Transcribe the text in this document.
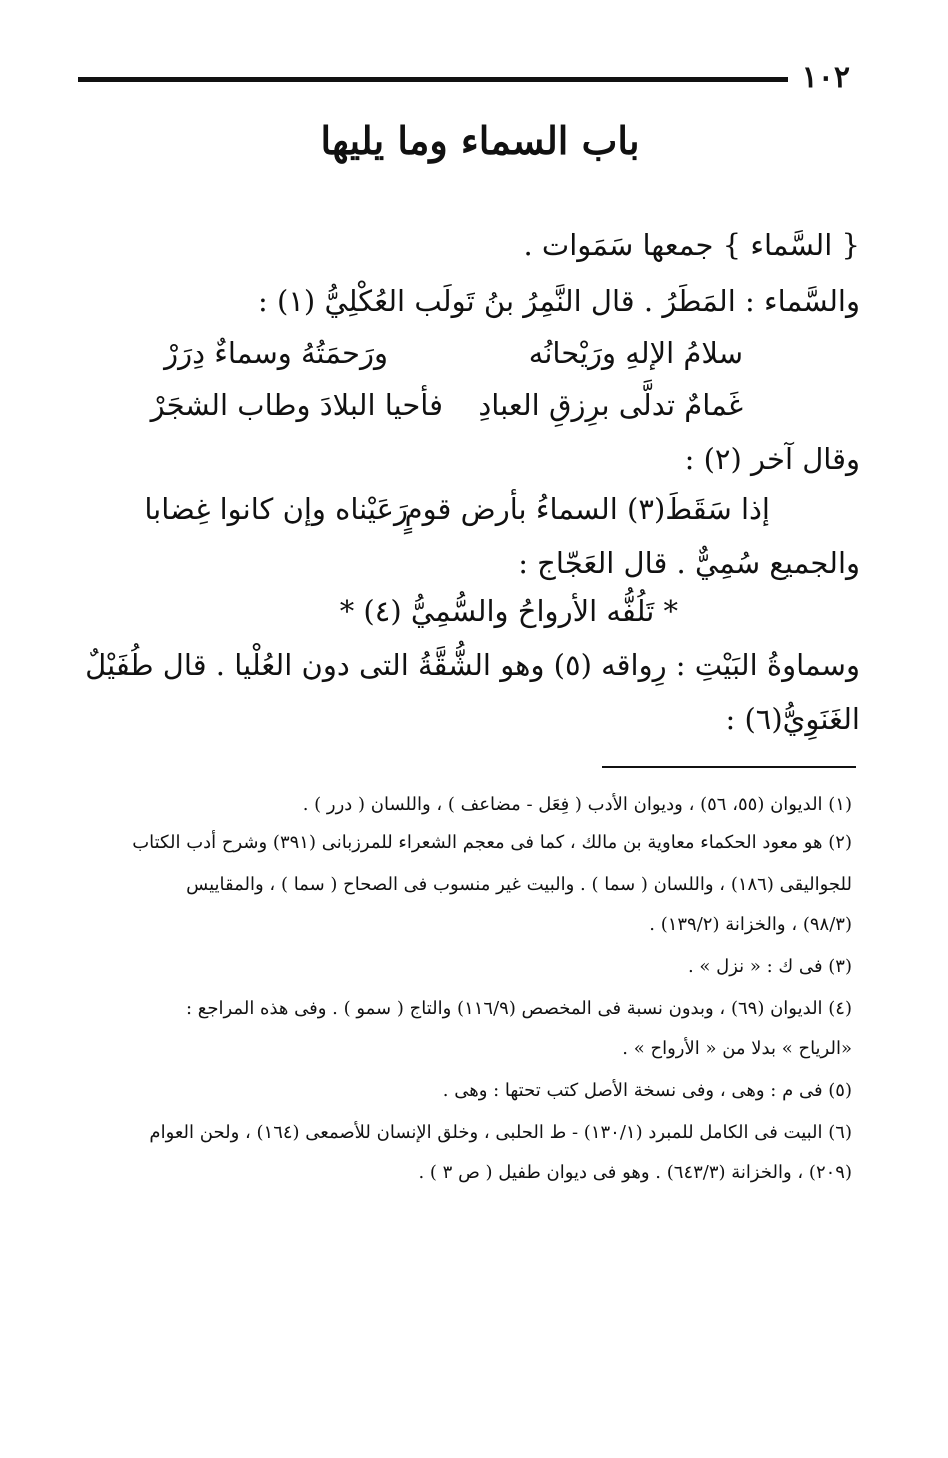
١٠٢
باب السماء وما يليها
{ السَّماء } جمعها سَمَوات .
والسَّماء : المَطَرُ . قال النَّمِرُ بنُ تَولَب العُكْلِيُّ (١) :
سلامُ الإلهِ ورَيْحانُه
ورَحمَتُهُ وسماءٌ دِرَرْ
غَمامٌ تدلَّى برِزقِ العبادِ
فأحيا البلادَ وطاب الشجَرْ
وقال آخر (٢) :
إذا سَقَطَ(٣) السماءُ بأرض قومٍ
رَعَيْناه وإن كانوا غِضابا
والجميع سُمِيٌّ . قال العَجّاج :
* تَلُفُّه الأرواحُ والسُّمِيُّ (٤) *
وسماوةُ البَيْتِ : رِواقه (٥) وهو الشُّقَّةُ التى دون العُلْيا . قال طُفَيْلٌ
الغَنَوِيُّ(٦) :
(١) الديوان (٥٥، ٥٦) ، وديوان الأدب ( فِعَل - مضاعف ) ، واللسان ( درر ) .
(٢) هو معود الحكماء معاوية بن مالك ، كما فى معجم الشعراء للمرزبانى (٣٩١) وشرح أدب الكتاب
للجواليقى (١٨٦) ، واللسان ( سما ) . والبيت غير منسوب فى الصحاح ( سما ) ، والمقاييس
(٩٨/٣) ، والخزانة (١٣٩/٢) .
(٣) فى ك : « نزل » .
(٤) الديوان (٦٩) ، وبدون نسبة فى المخصص (١١٦/٩) والتاج ( سمو ) . وفى هذه المراجع :
«الرياح » بدلا من « الأرواح » .
(٥) فى م : وهى ، وفى نسخة الأصل كتب تحتها : وهى .
(٦) البيت فى الكامل للمبرد (١٣٠/١) - ط الحلبى ، وخلق الإنسان للأصمعى (١٦٤) ، ولحن العوام
(٢٠٩) ، والخزانة (٦٤٣/٣) . وهو فى ديوان طفيل ( ص ٣ ) .
